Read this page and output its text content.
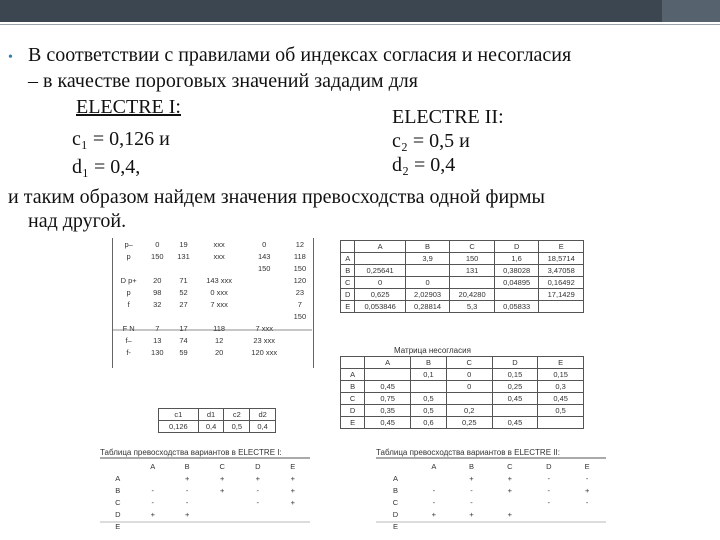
• В соответствии с правилами об индексах согласия и несогласия
– в качестве пороговых значений зададим для
ELECTRE I:	ELECTRE II:
c₁ = 0,126 и	c₂ = 0,5 и
d₁ = 0,4,	d₂ = 0,4
и таким образом найдем значения превосходства одной фирмы
над другой.
p–	0	19	xxx	0	12
p	150	131	xxx	143	118
				150	150
D p+	20	71	143 xxx		120
p	98	52	0 xxx		23
f	32	27	7 xxx		7
					150
F N	7	17	118	7 xxx	
f–	13	74	12	23 xxx	
f-	130	59	20	120 xxx	
c1	d1	c2	d2
0,126	0,4	0,5	0,4
	A	B	C	D	E
A		3,9	150	1,6	18,5714
B	0,25641		131	0,38028	3,47058
C	0	0		0,04895	0,16492
D	0,625	2,02903	20,4280		17,1429
E	0,053846	0,28814	5,3	0,05833	
Матрица несогласия
	A	B	C	D	E
A		0,1	0	0,15	0,15
B	0,45		0	0,25	0,3
C	0,75	0,5		0,45	0,45
D	0,35	0,5	0,2		0,5
E	0,45	0,6	0,25	0,45	
Таблица превосходства вариантов в ELECTRE I:
	A	B	C	D	E
A		+	+	+	+
B	-	-	+	-	+
C	-	-		-	+
D	+	+			
E					
Таблица превосходства вариантов в ELECTRE II:
	A	B	C	D	E
A		+	+	-	-
B	-	-	+	-	+
C	-	-		-	-
D	+	+	+		
E					
